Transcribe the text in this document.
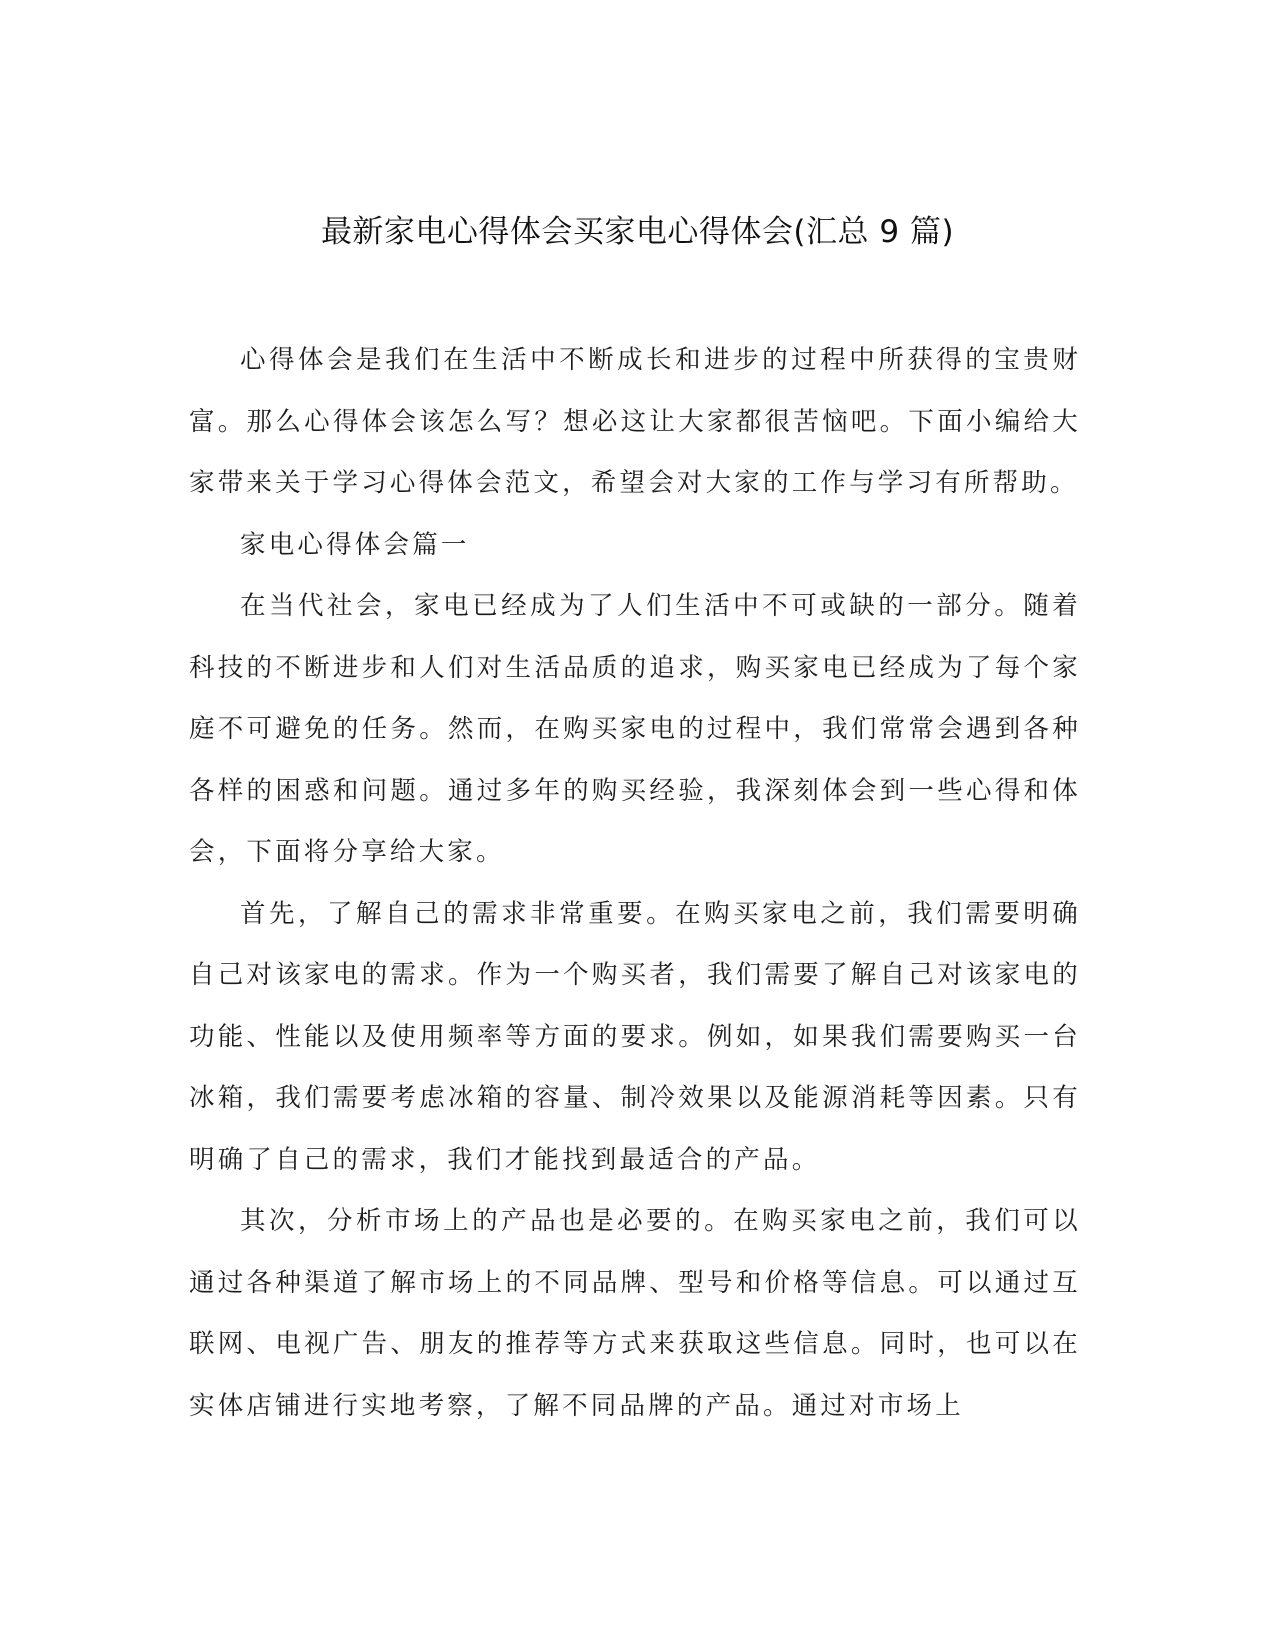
最新家电心得体会买家电心得体会(汇总 9 篇)

心得体会是我们在生活中不断成长和进步的过程中所获得的宝贵财富。那么心得体会该怎么写？想必这让大家都很苦恼吧。下面小编给大家带来关于学习心得体会范文，希望会对大家的工作与学习有所帮助。

家电心得体会篇一

在当代社会，家电已经成为了人们生活中不可或缺的一部分。随着科技的不断进步和人们对生活品质的追求，购买家电已经成为了每个家庭不可避免的任务。然而，在购买家电的过程中，我们常常会遇到各种各样的困惑和问题。通过多年的购买经验，我深刻体会到一些心得和体会，下面将分享给大家。

首先，了解自己的需求非常重要。在购买家电之前，我们需要明确自己对该家电的需求。作为一个购买者，我们需要了解自己对该家电的功能、性能以及使用频率等方面的要求。例如，如果我们需要购买一台冰箱，我们需要考虑冰箱的容量、制冷效果以及能源消耗等因素。只有明确了自己的需求，我们才能找到最适合的产品。

其次，分析市场上的产品也是必要的。在购买家电之前，我们可以通过各种渠道了解市场上的不同品牌、型号和价格等信息。可以通过互联网、电视广告、朋友的推荐等方式来获取这些信息。同时，也可以在实体店铺进行实地考察，了解不同品牌的产品。通过对市场上
